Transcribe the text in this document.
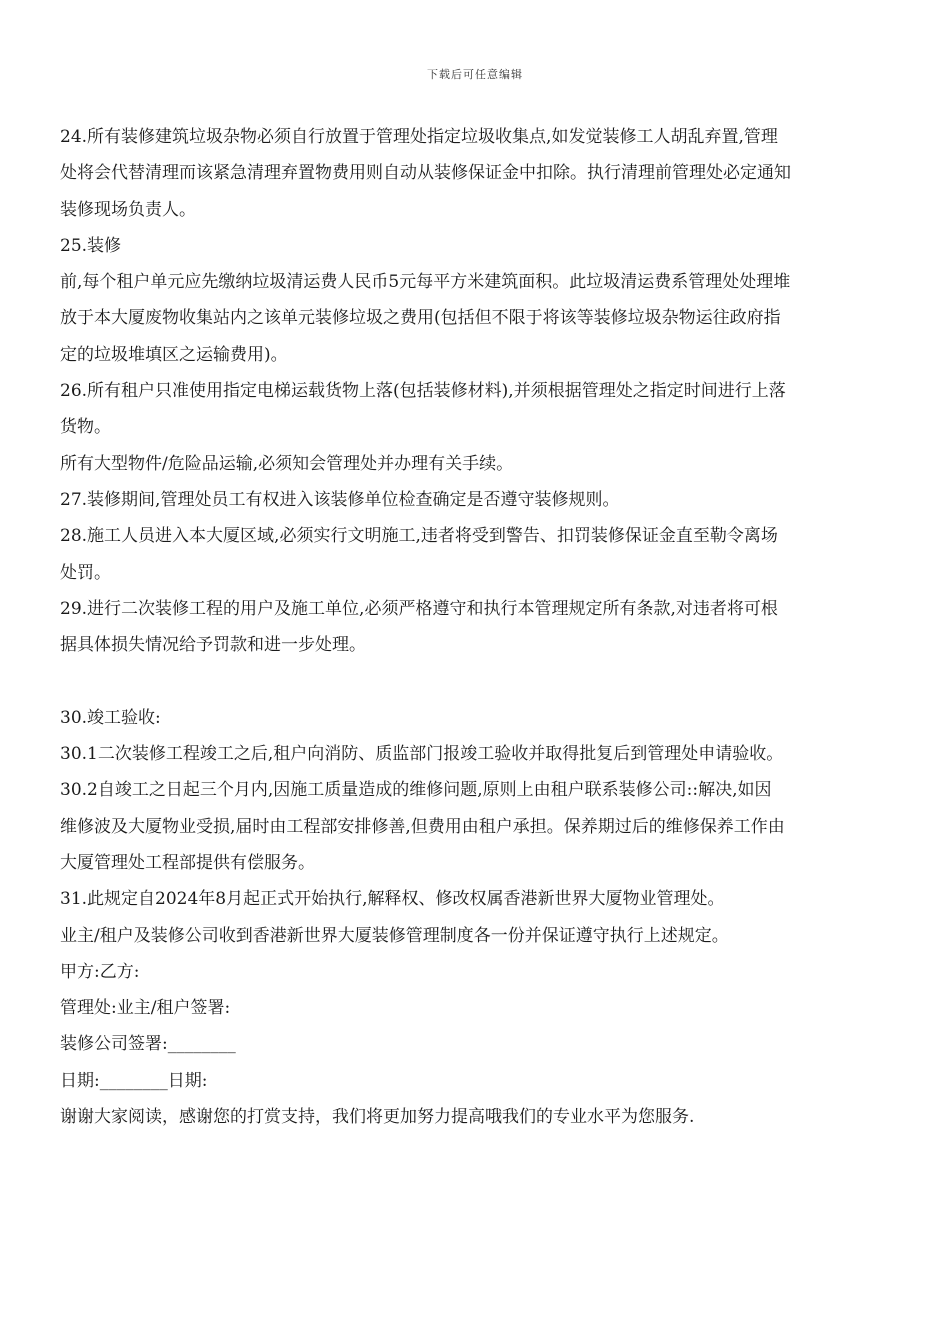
下载后可任意编辑
24.所有装修建筑垃圾杂物必须自行放置于管理处指定垃圾收集点,如发觉装修工人胡乱弃置,管理
处将会代替清理而该紧急清理弃置物费用则自动从装修保证金中扣除。执行清理前管理处必定通知
装修现场负责人。
25.装修
前,每个租户单元应先缴纳垃圾清运费人民币5元每平方米建筑面积。此垃圾清运费系管理处处理堆
放于本大厦废物收集站内之该单元装修垃圾之费用(包括但不限于将该等装修垃圾杂物运往政府指
定的垃圾堆填区之运输费用)。
26.所有租户只准使用指定电梯运载货物上落(包括装修材料),并须根据管理处之指定时间进行上落
货物。
所有大型物件/危险品运输,必须知会管理处并办理有关手续。
27.装修期间,管理处员工有权进入该装修单位检查确定是否遵守装修规则。
28.施工人员进入本大厦区域,必须实行文明施工,违者将受到警告、扣罚装修保证金直至勒令离场
处罚。
29.进行二次装修工程的用户及施工单位,必须严格遵守和执行本管理规定所有条款,对违者将可根
据具体损失情况给予罚款和进一步处理。
30.竣工验收:
30.1二次装修工程竣工之后,租户向消防、质监部门报竣工验收并取得批复后到管理处申请验收。
30.2自竣工之日起三个月内,因施工质量造成的维修问题,原则上由租户联系装修公司::解决,如因
维修波及大厦物业受损,届时由工程部安排修善,但费用由租户承担。保养期过后的维修保养工作由
大厦管理处工程部提供有偿服务。
31.此规定自2024年8月起正式开始执行,解释权、修改权属香港新世界大厦物业管理处。
业主/租户及装修公司收到香港新世界大厦装修管理制度各一份并保证遵守执行上述规定。
甲方:乙方:
管理处:业主/租户签署:
装修公司签署:________
日期:________日期:
谢谢大家阅读，感谢您的打赏支持，我们将更加努力提高哦我们的专业水平为您服务.
